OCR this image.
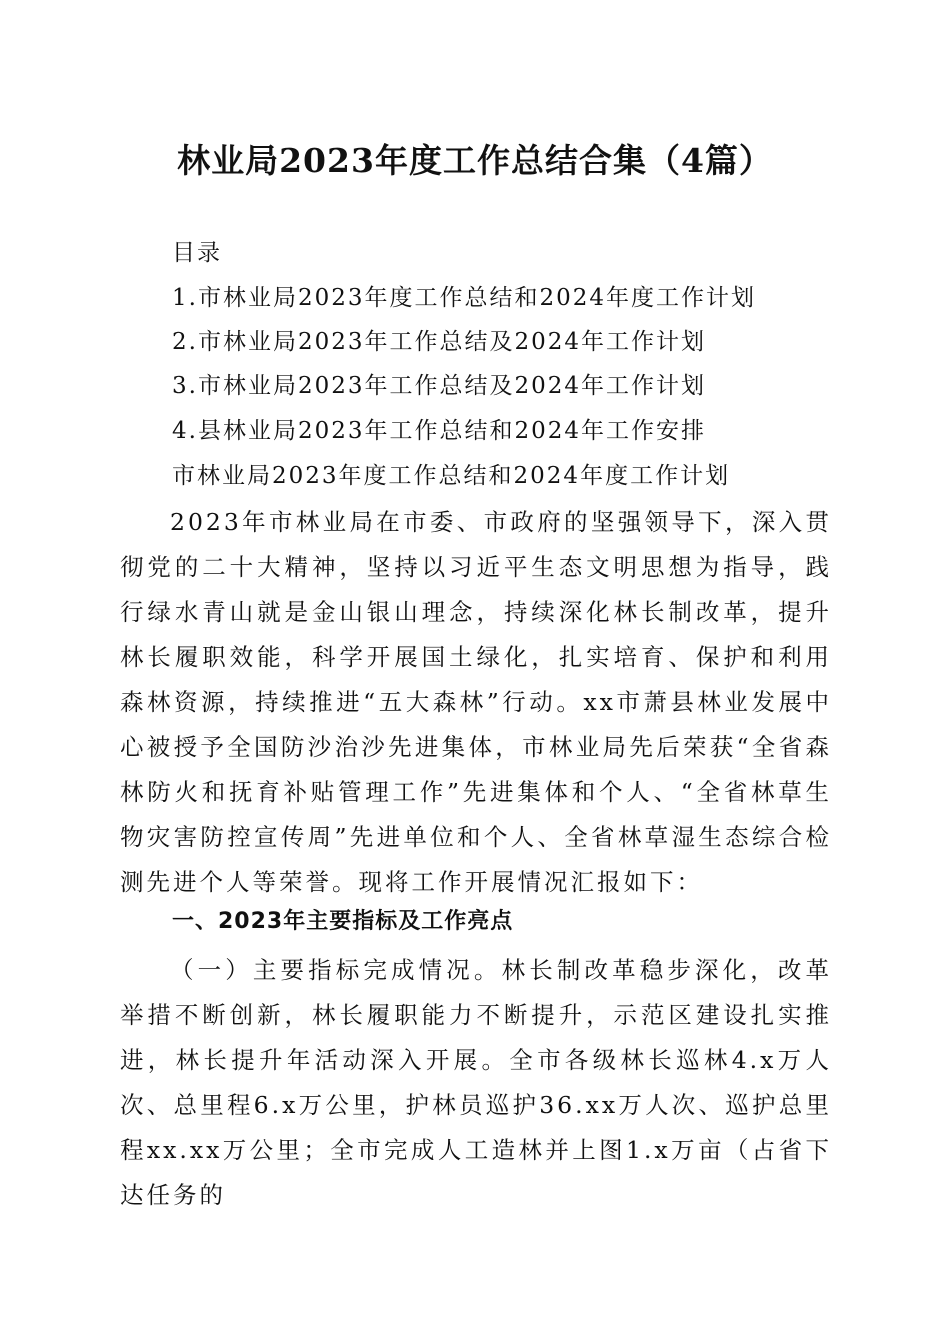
林业局2023年度工作总结合集（4篇）
目录
1.市林业局2023年度工作总结和2024年度工作计划
2.市林业局2023年工作总结及2024年工作计划
3.市林业局2023年工作总结及2024年工作计划
4.县林业局2023年工作总结和2024年工作安排
市林业局2023年度工作总结和2024年度工作计划

2023年市林业局在市委、市政府的坚强领导下，深入贯彻党的二十大精神，坚持以习近平生态文明思想为指导，践行绿水青山就是金山银山理念，持续深化林长制改革，提升林长履职效能，科学开展国土绿化，扎实培育、保护和利用森林资源，持续推进“五大森林”行动。xx市萧县林业发展中心被授予全国防沙治沙先进集体，市林业局先后荣获“全省森林防火和抚育补贴管理工作”先进集体和个人、“全省林草生物灾害防控宣传周”先进单位和个人、全省林草湿生态综合检测先进个人等荣誉。现将工作开展情况汇报如下：

一、2023年主要指标及工作亮点

（一）主要指标完成情况。林长制改革稳步深化，改革举措不断创新，林长履职能力不断提升，示范区建设扎实推进，林长提升年活动深入开展。全市各级林长巡林4.x万人次、总里程6.x万公里，护林员巡护36.xx万人次、巡护总里程xx.xx万公里；全市完成人工造林并上图1.x万亩（占省下达任务的
